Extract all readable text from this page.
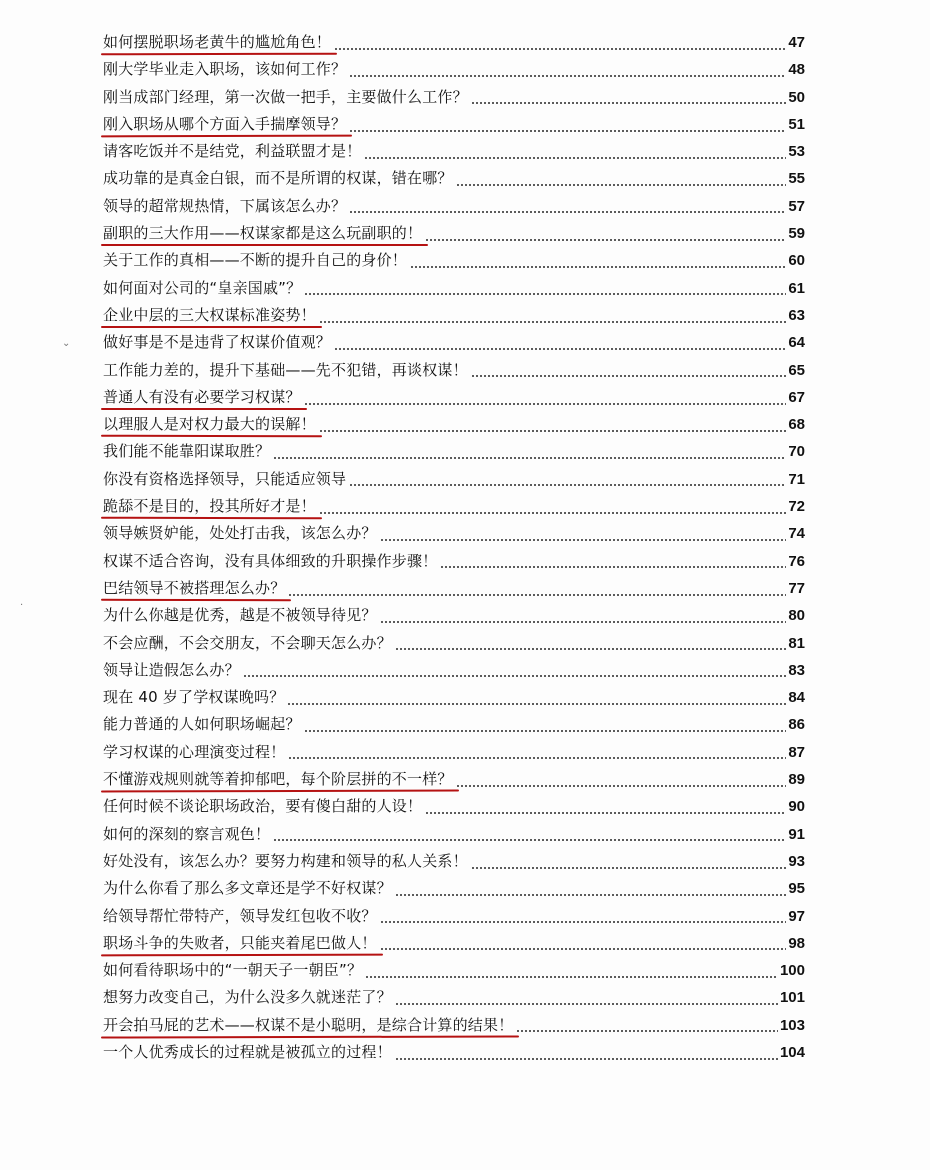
如何摆脱职场老黄牛的尴尬角色！	47
刚大学毕业走入职场，该如何工作？	48
刚当成部门经理，第一次做一把手，主要做什么工作？	50
刚入职场从哪个方面入手揣摩领导？	51
请客吃饭并不是结党，利益联盟才是！	53
成功靠的是真金白银，而不是所谓的权谋，错在哪？	55
领导的超常规热情，下属该怎么办？	57
副职的三大作用——权谋家都是这么玩副职的！	59
关于工作的真相——不断的提升自己的身价！	60
如何面对公司的“皇亲国戚”？	61
企业中层的三大权谋标准姿势！	63
做好事是不是违背了权谋价值观？	64
工作能力差的，提升下基础——先不犯错，再谈权谋！	65
普通人有没有必要学习权谋？	67
以理服人是对权力最大的误解！	68
我们能不能靠阳谋取胜？	70
你没有资格选择领导，只能适应领导	71
跪舔不是目的，投其所好才是！	72
领导嫉贤妒能，处处打击我，该怎么办？	74
权谋不适合咨询，没有具体细致的升职操作步骤！	76
巴结领导不被搭理怎么办？	77
为什么你越是优秀，越是不被领导待见？	80
不会应酬，不会交朋友，不会聊天怎么办？	81
领导让造假怎么办？	83
现在 40 岁了学权谋晚吗？	84
能力普通的人如何职场崛起？	86
学习权谋的心理演变过程！	87
不懂游戏规则就等着抑郁吧，每个阶层拼的不一样？	89
任何时候不谈论职场政治，要有傻白甜的人设！	90
如何的深刻的察言观色！	91
好处没有，该怎么办？要努力构建和领导的私人关系！	93
为什么你看了那么多文章还是学不好权谋？	95
给领导帮忙带特产，领导发红包收不收？	97
职场斗争的失败者，只能夹着尾巴做人！	98
如何看待职场中的“一朝天子一朝臣”？	100
想努力改变自己，为什么没多久就迷茫了？	101
开会拍马屁的艺术——权谋不是小聪明，是综合计算的结果！	103
一个人优秀成长的过程就是被孤立的过程！	104
⌄
·
